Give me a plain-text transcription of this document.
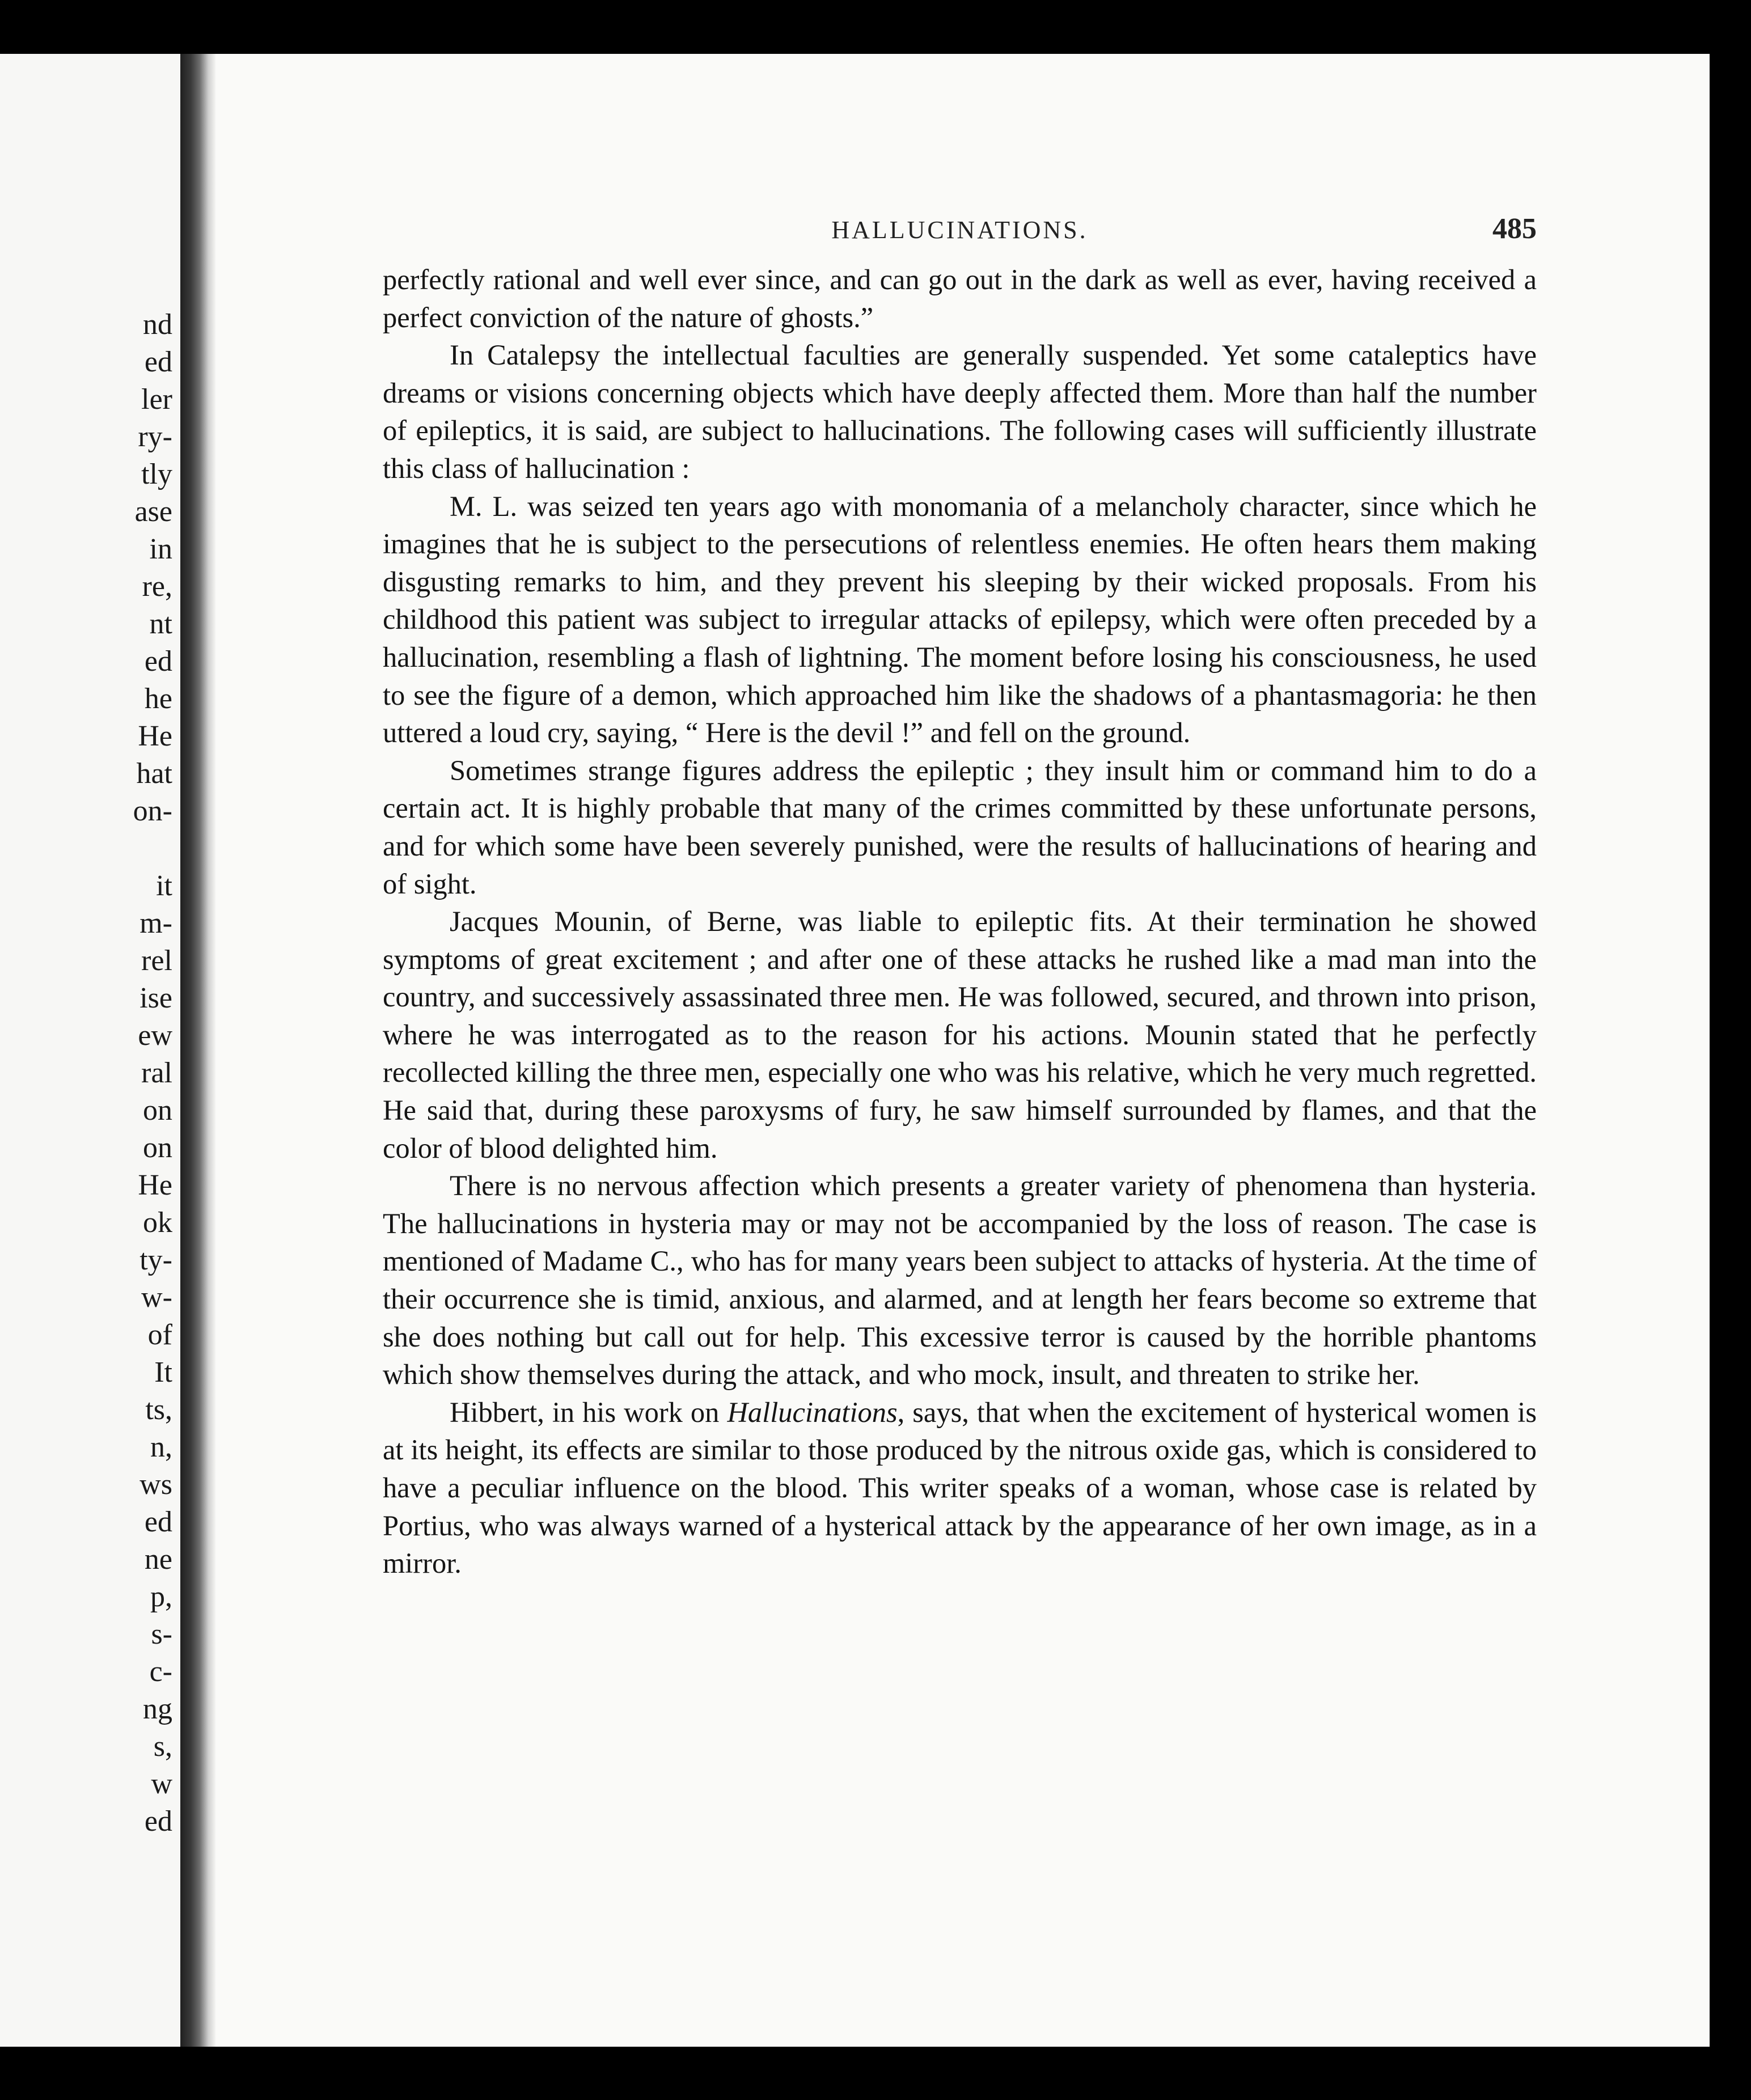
nd
ed
ler
ry-
tly
ase
in
re,
nt
ed
he
He
hat
on-
it
m-
rel
ise
ew
ral
on
on
He
ok
ty-
w-
of
It
ts,
n,
ws
ed
ne
p,
s-
c-
ng
s,
w
ed
HALLUCINATIONS.	485

perfectly rational and well ever since, and can go out in the dark as well as ever, having received a perfect conviction of the nature of ghosts.”

In Catalepsy the intellectual faculties are generally suspended. Yet some cataleptics have dreams or visions concerning objects which have deeply affected them. More than half the number of epileptics, it is said, are subject to hallucinations. The following cases will sufficiently illustrate this class of hallucination :

M. L. was seized ten years ago with monomania of a melancholy character, since which he imagines that he is subject to the persecutions of relentless enemies. He often hears them making disgusting remarks to him, and they prevent his sleeping by their wicked proposals. From his childhood this patient was subject to irregular attacks of epilepsy, which were often preceded by a hallucination, resembling a flash of lightning. The moment before losing his consciousness, he used to see the figure of a demon, which approached him like the shadows of a phantasmagoria: he then uttered a loud cry, saying, “ Here is the devil !” and fell on the ground.

Sometimes strange figures address the epileptic ; they insult him or command him to do a certain act. It is highly probable that many of the crimes committed by these unfortunate persons, and for which some have been severely punished, were the results of hallucinations of hearing and of sight.

Jacques Mounin, of Berne, was liable to epileptic fits. At their termination he showed symptoms of great excitement ; and after one of these attacks he rushed like a mad man into the country, and successively assassinated three men. He was followed, secured, and thrown into prison, where he was interrogated as to the reason for his actions. Mounin stated that he perfectly recollected killing the three men, especially one who was his relative, which he very much regretted. He said that, during these paroxysms of fury, he saw himself surrounded by flames, and that the color of blood delighted him.

There is no nervous affection which presents a greater variety of phenomena than hysteria. The hallucinations in hysteria may or may not be accompanied by the loss of reason. The case is mentioned of Madame C., who has for many years been subject to attacks of hysteria. At the time of their occurrence she is timid, anxious, and alarmed, and at length her fears become so extreme that she does nothing but call out for help. This excessive terror is caused by the horrible phantoms which show themselves during the attack, and who mock, insult, and threaten to strike her.

Hibbert, in his work on Hallucinations, says, that when the excitement of hysterical women is at its height, its effects are similar to those produced by the nitrous oxide gas, which is considered to have a peculiar influence on the blood. This writer speaks of a woman, whose case is related by Portius, who was always warned of a hysterical attack by the appearance of her own image, as in a mirror.
